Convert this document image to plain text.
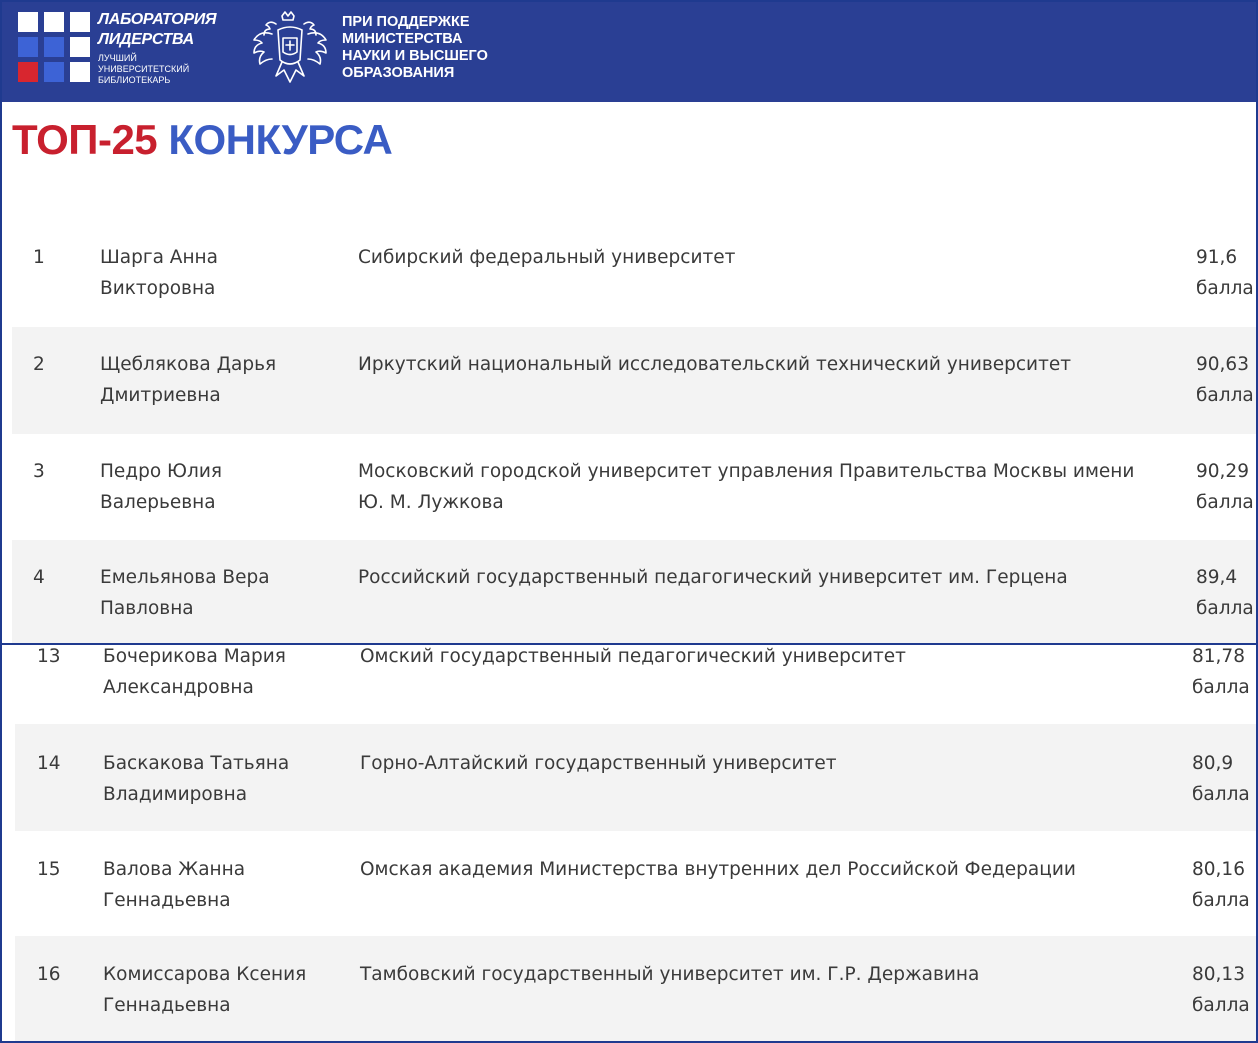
ЛАБОРАТОРИЯ
ЛИДЕРСТВА
ЛУЧШИЙ
УНИВЕРСИТЕТСКИЙ
БИБЛИОТЕКАРЬ
ПРИ ПОДДЕРЖКЕ
МИНИСТЕРСТВА
НАУКИ И ВЫСШЕГО
ОБРАЗОВАНИЯ
ТОП-25 КОНКУРСА
1	Шарга Анна
Викторовна
Сибирский федеральный университет	91,6
балла
2	Щеблякова Дарья
Дмитриевна
Иркутский национальный исследовательский технический университет	90,63
балла
3	Педро Юлия
Валерьевна
Московский городской университет управления Правительства Москвы имени
Ю. М. Лужкова
90,29
балла
4	Емельянова Вера
Павловна
Российский государственный педагогический университет им. Герцена	89,4
балла
13 Бочерикова Мария
Александровна
Омский государственный педагогический университет	81,78
балла
14 Баскакова Татьяна
Владимировна
Горно-Алтайский государственный университет	80,9
балла
15 Валова Жанна
Геннадьевна
Омская академия Министерства внутренних дел Российской Федерации	80,16
балла
16 Комиссарова Ксения
Геннадьевна
Тамбовский государственный университет им. Г.Р. Державина	80,13
балла
